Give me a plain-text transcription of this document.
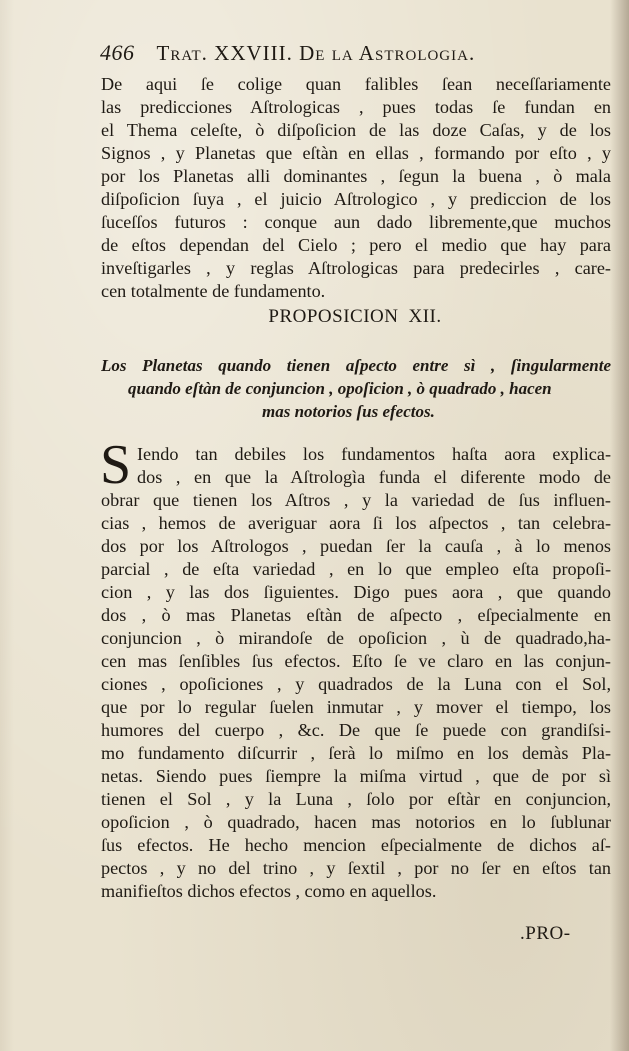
466 Trat. XXVIII. De la Astrologia.
De aqui ſe colige quan falibles ſean neceſſariamente
las predicciones Aſtrologicas , pues todas ſe fundan en
el Thema celeſte, ò diſpoſicion de las doze Caſas, y de los
Signos , y Planetas que eſtàn en ellas , formando por eſto , y
por los Planetas alli dominantes , ſegun la buena , ò mala
diſpoſicion ſuya , el juicio Aſtrologico , y prediccion de los
ſuceſſos futuros : conque aun dado libremente,que muchos
de eſtos dependan del Cielo ; pero el medio que hay para
inveſtigarles , y reglas Aſtrologicas para predecirles , care-
cen totalmente de fundamento.
PROPOSICION XII.
Los Planetas quando tienen aſpecto entre sì , ſingularmente
quando eſtàn de conjuncion , opoſicion , ò quadrado , hacen
mas notorios ſus efectos.
S Iendo tan debiles los fundamentos haſta aora explica-
dos , en que la Aſtrologìa funda el diferente modo de
obrar que tienen los Aſtros , y la variedad de ſus influen-
cias , hemos de averiguar aora ſi los aſpectos , tan celebra-
dos por los Aſtrologos , puedan ſer la cauſa , à lo menos
parcial , de eſta variedad , en lo que empleo eſta propoſi-
cion , y las dos ſiguientes. Digo pues aora , que quando
dos , ò mas Planetas eſtàn de aſpecto , eſpecialmente en
conjuncion , ò mirandoſe de opoſicion , ù de quadrado,ha-
cen mas ſenſibles ſus efectos. Eſto ſe ve claro en las conjun-
ciones , opoſiciones , y quadrados de la Luna con el Sol,
que por lo regular ſuelen inmutar , y mover el tiempo, los
humores del cuerpo , &c. De que ſe puede con grandiſsi-
mo fundamento diſcurrir , ſerà lo miſmo en los demàs Pla-
netas. Siendo pues ſiempre la miſma virtud , que de por sì
tienen el Sol , y la Luna , ſolo por eſtàr en conjuncion,
opoſicion , ò quadrado, hacen mas notorios en lo ſublunar
ſus efectos. He hecho mencion eſpecialmente de dichos aſ-
pectos , y no del trino , y ſextil , por no ſer en eſtos tan
manifieſtos dichos efectos , como en aquellos.
.PRO-
